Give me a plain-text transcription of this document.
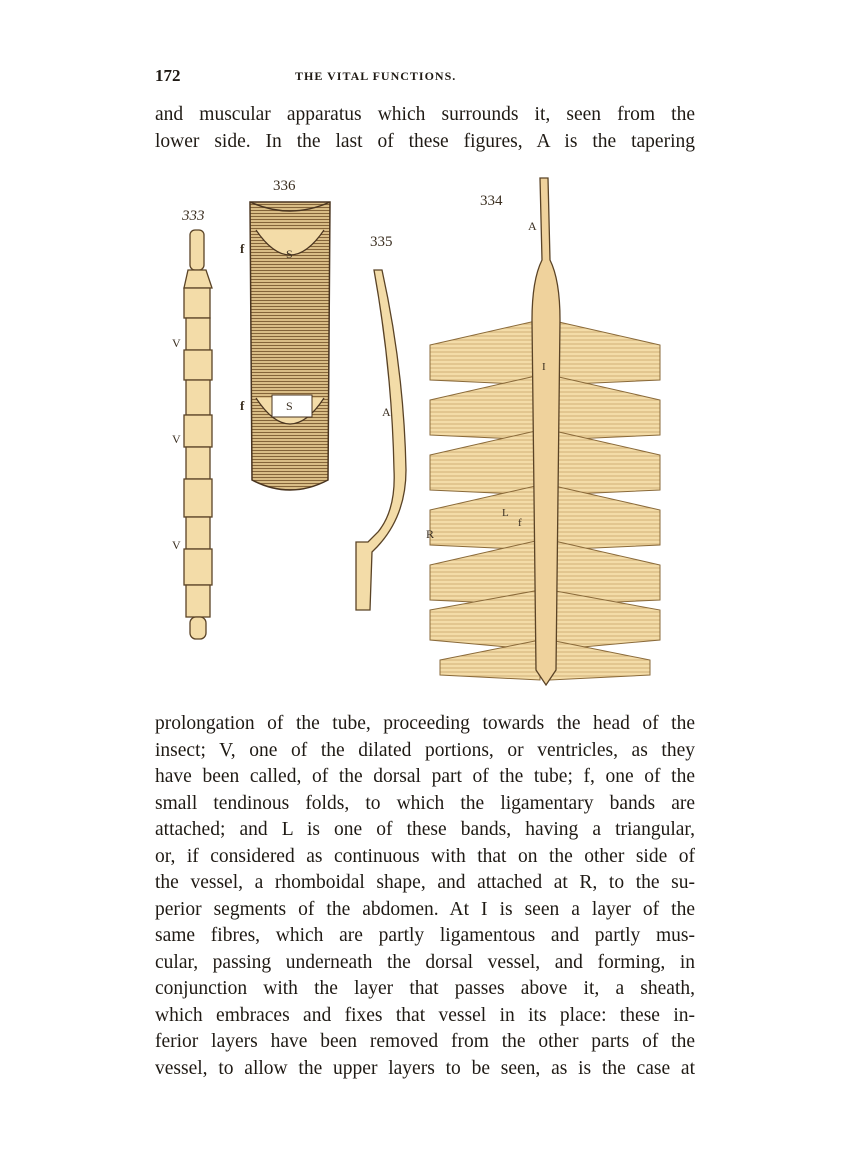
172	THE VITAL FUNCTIONS.
and muscular apparatus which surrounds it, seen from the
lower side. In the last of these figures, A is the tapering
333
V
V
V
336
f	S
f	S
335
A
334
A
I
L
f
R
prolongation of the tube, proceeding towards the head of the
insect; V, one of the dilated portions, or ventricles, as they
have been called, of the dorsal part of the tube; f, one of the
small tendinous folds, to which the ligamentary bands are
attached; and L is one of these bands, having a triangular,
or, if considered as continuous with that on the other side of
the vessel, a rhomboidal shape, and attached at R, to the su-
perior segments of the abdomen. At I is seen a layer of the
same fibres, which are partly ligamentous and partly mus-
cular, passing underneath the dorsal vessel, and forming, in
conjunction with the layer that passes above it, a sheath,
which embraces and fixes that vessel in its place: these in-
ferior layers have been removed from the other parts of the
vessel, to allow the upper layers to be seen, as is the case at
